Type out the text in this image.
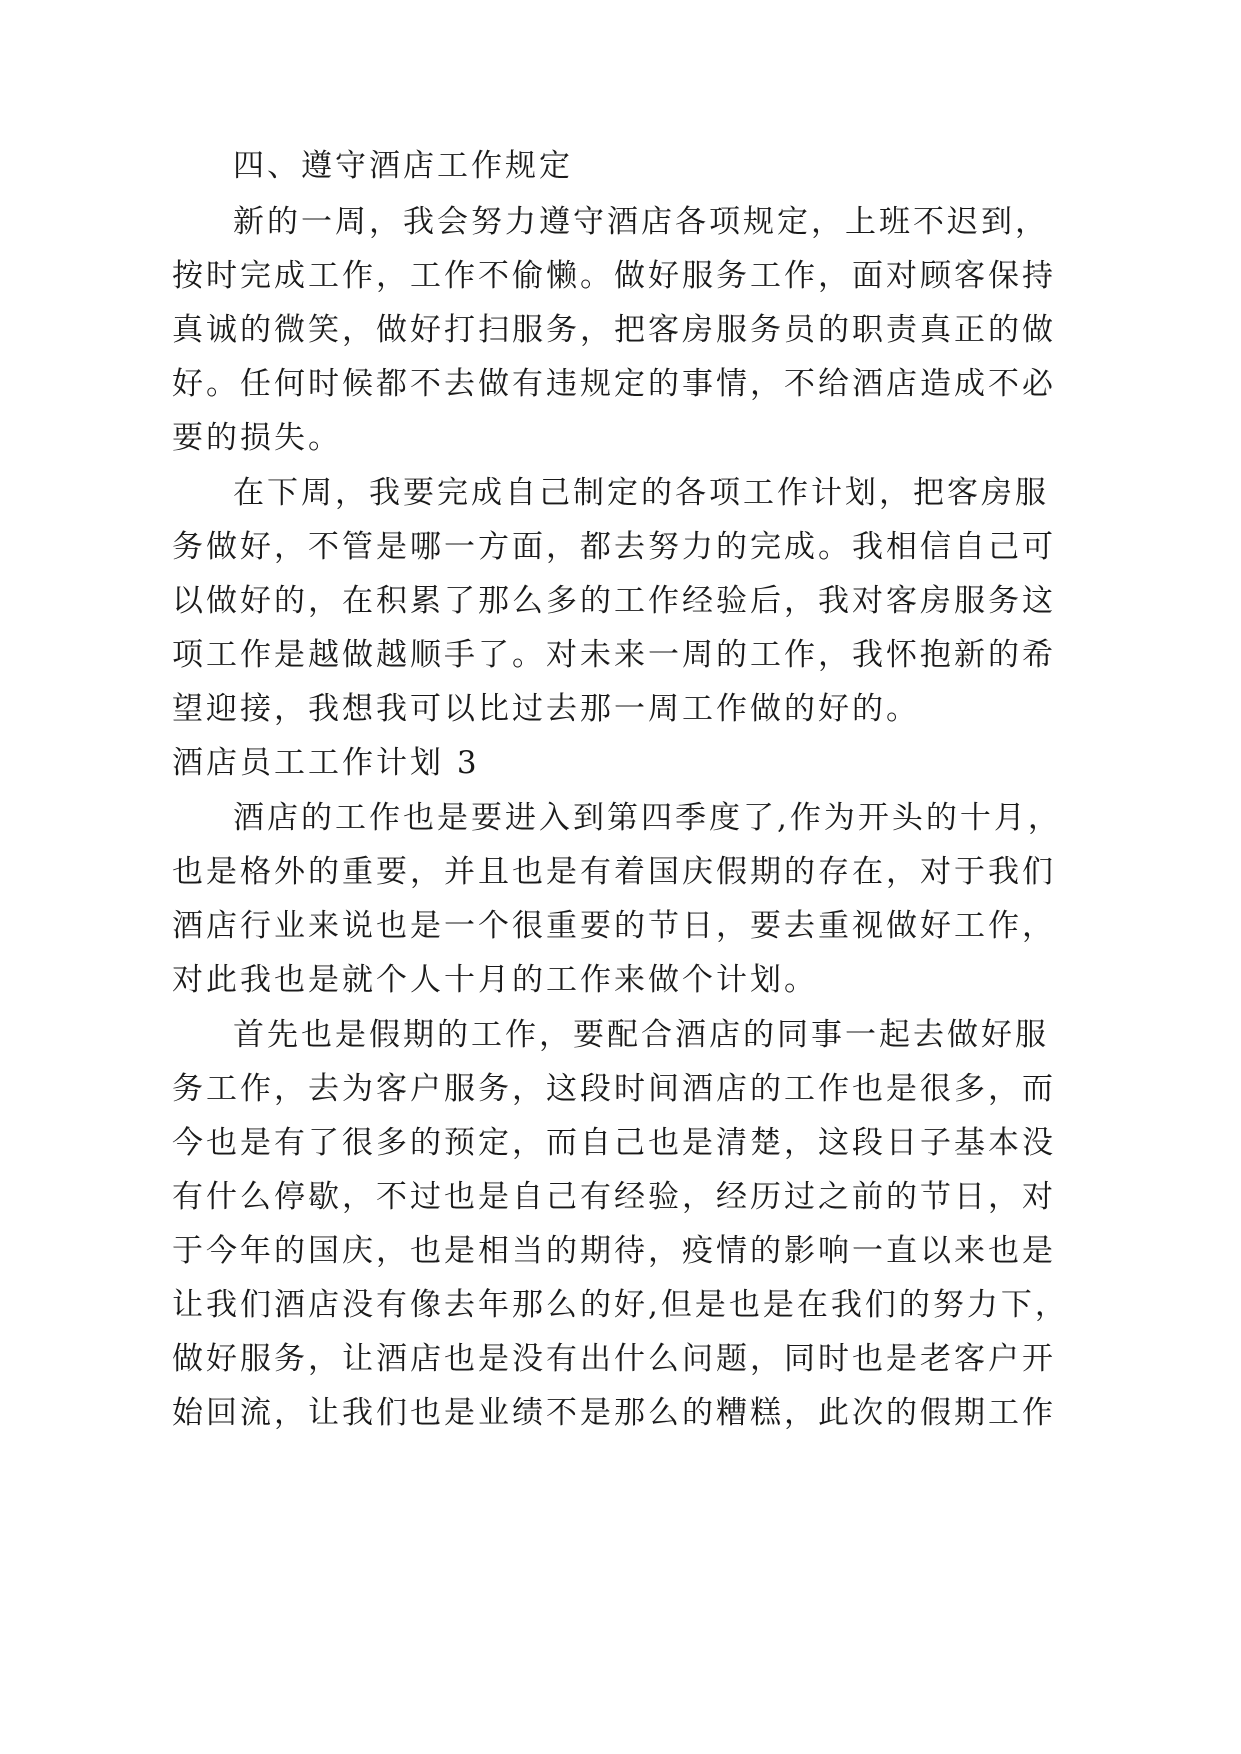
四、遵守酒店工作规定

新的一周，我会努力遵守酒店各项规定，上班不迟到，

按时完成工作，工作不偷懒。做好服务工作，面对顾客保持

真诚的微笑，做好打扫服务，把客房服务员的职责真正的做

好。任何时候都不去做有违规定的事情，不给酒店造成不必

要的损失。

在下周，我要完成自己制定的各项工作计划，把客房服

务做好，不管是哪一方面，都去努力的完成。我相信自己可

以做好的，在积累了那么多的工作经验后，我对客房服务这

项工作是越做越顺手了。对未来一周的工作，我怀抱新的希

望迎接，我想我可以比过去那一周工作做的好的。

酒店员工工作计划 3

酒店的工作也是要进入到第四季度了,作为开头的十月，

也是格外的重要，并且也是有着国庆假期的存在，对于我们

酒店行业来说也是一个很重要的节日，要去重视做好工作，

对此我也是就个人十月的工作来做个计划。

首先也是假期的工作，要配合酒店的同事一起去做好服

务工作，去为客户服务，这段时间酒店的工作也是很多，而

今也是有了很多的预定，而自己也是清楚，这段日子基本没

有什么停歇，不过也是自己有经验，经历过之前的节日，对

于今年的国庆，也是相当的期待，疫情的影响一直以来也是

让我们酒店没有像去年那么的好,但是也是在我们的努力下，

做好服务，让酒店也是没有出什么问题，同时也是老客户开

始回流，让我们也是业绩不是那么的糟糕，此次的假期工作
